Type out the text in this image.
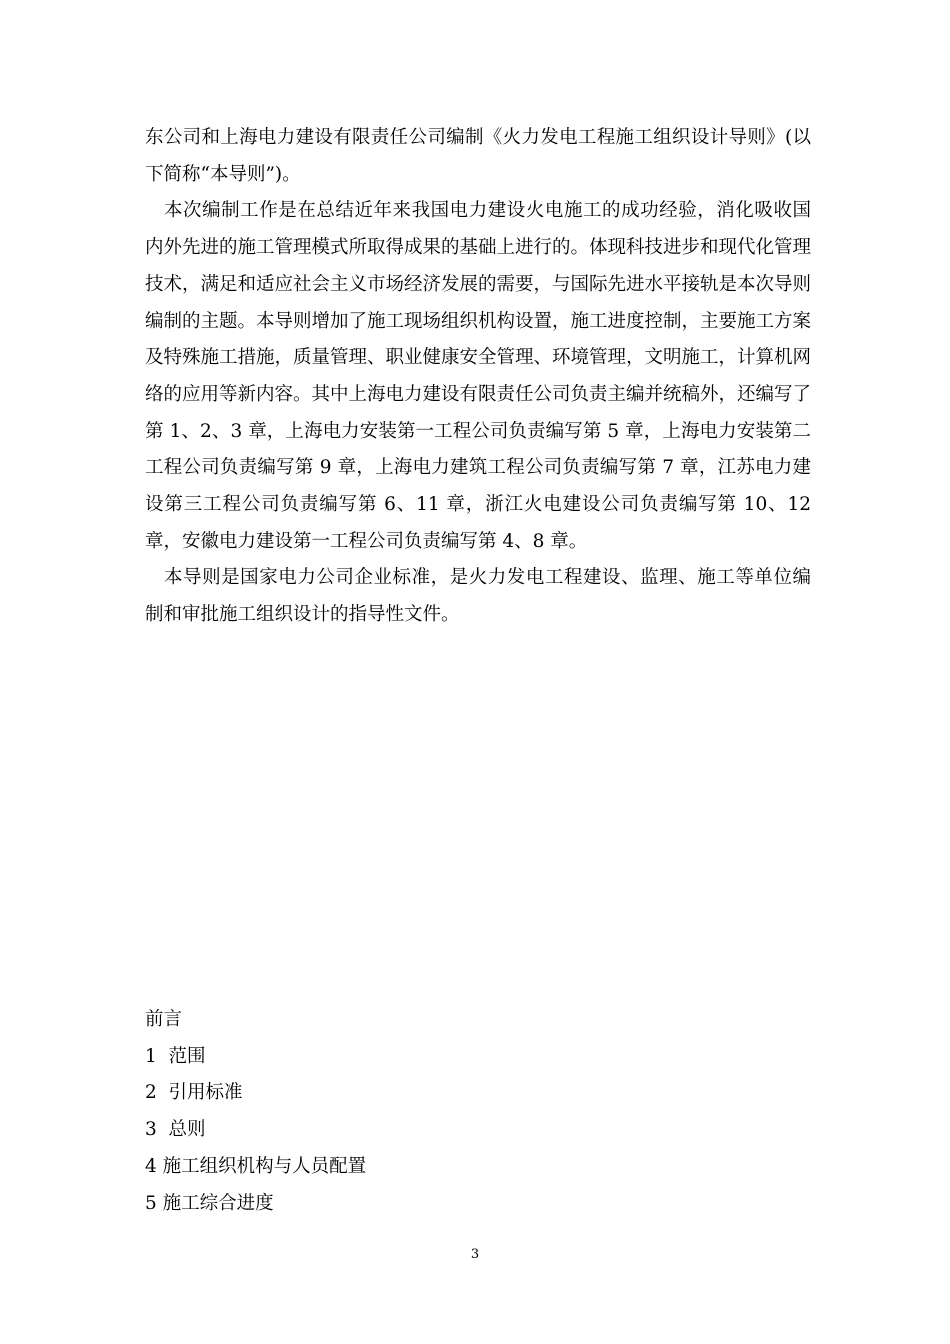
东公司和上海电力建设有限责任公司编制《火力发电工程施工组织设计导则》(以下简称“本导则”)。

本次编制工作是在总结近年来我国电力建设火电施工的成功经验，消化吸收国内外先进的施工管理模式所取得成果的基础上进行的。体现科技进步和现代化管理技术，满足和适应社会主义市场经济发展的需要，与国际先进水平接轨是本次导则编制的主题。本导则增加了施工现场组织机构设置，施工进度控制，主要施工方案及特殊施工措施，质量管理、职业健康安全管理、环境管理，文明施工，计算机网络的应用等新内容。其中上海电力建设有限责任公司负责主编并统稿外，还编写了第 1、2、3 章，上海电力安装第一工程公司负责编写第 5 章，上海电力安装第二工程公司负责编写第 9 章，上海电力建筑工程公司负责编写第 7 章，江苏电力建设第三工程公司负责编写第 6、11 章，浙江火电建设公司负责编写第 10、12 章，安徽电力建设第一工程公司负责编写第 4、8 章。

本导则是国家电力公司企业标准，是火力发电工程建设、监理、施工等单位编制和审批施工组织设计的指导性文件。

前言
1  范围
2  引用标准
3  总则
4 施工组织机构与人员配置
5 施工综合进度
3
